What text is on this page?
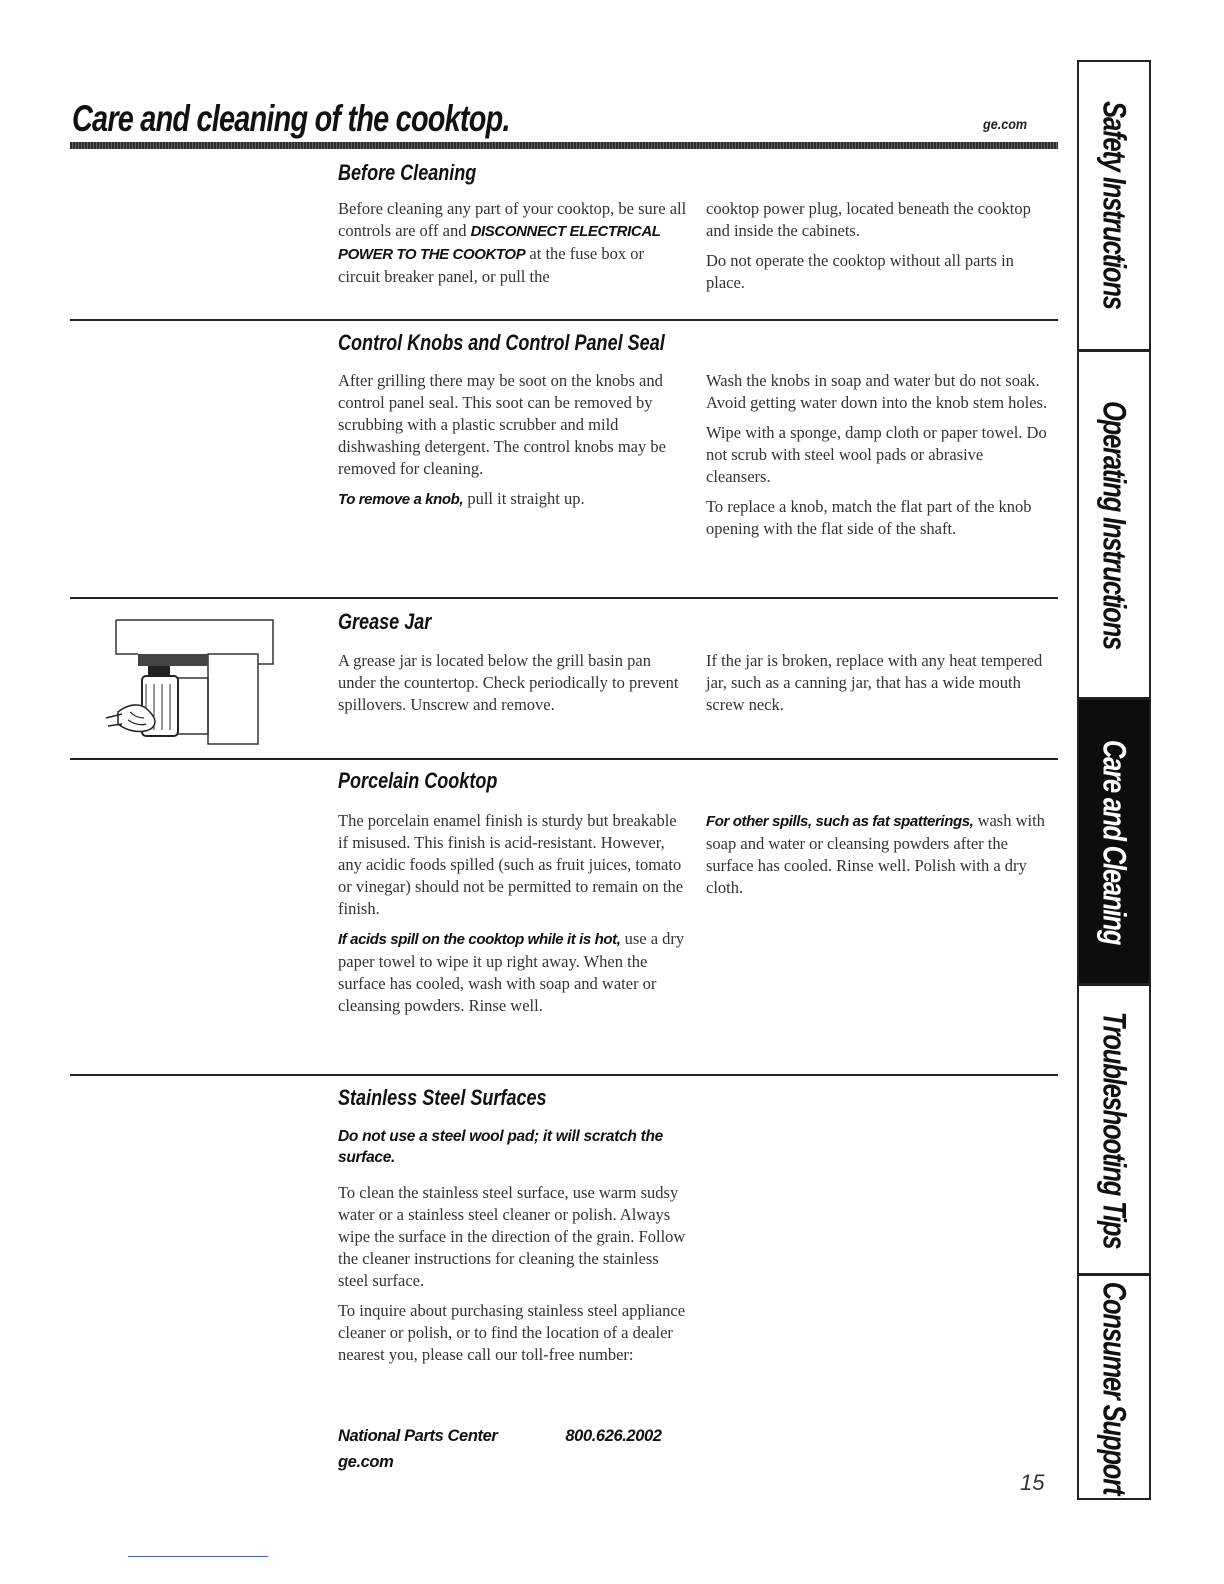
Care and cleaning of the cooktop.	ge.com
Before Cleaning

Before cleaning any part of your cooktop, be sure all controls are off and DISCONNECT ELECTRICAL POWER TO THE COOKTOP at the fuse box or circuit breaker panel, or pull the

cooktop power plug, located beneath the cooktop and inside the cabinets.

Do not operate the cooktop without all parts in place.

Control Knobs and Control Panel Seal

After grilling there may be soot on the knobs and control panel seal. This soot can be removed by scrubbing with a plastic scrubber and mild dishwashing detergent. The control knobs may be removed for cleaning.

To remove a knob, pull it straight up.

Wash the knobs in soap and water but do not soak. Avoid getting water down into the knob stem holes.

Wipe with a sponge, damp cloth or paper towel. Do not scrub with steel wool pads or abrasive cleansers.

To replace a knob, match the flat part of the knob opening with the flat side of the shaft.

Grease Jar

A grease jar is located below the grill basin pan under the countertop. Check periodically to prevent spillovers. Unscrew and remove.

If the jar is broken, replace with any heat tempered jar, such as a canning jar, that has a wide mouth screw neck.

Porcelain Cooktop

The porcelain enamel finish is sturdy but breakable if misused. This finish is acid-resistant. However, any acidic foods spilled (such as fruit juices, tomato or vinegar) should not be permitted to remain on the finish.

If acids spill on the cooktop while it is hot, use a dry paper towel to wipe it up right away. When the surface has cooled, wash with soap and water or cleansing powders. Rinse well.

For other spills, such as fat spatterings, wash with soap and water or cleansing powders after the surface has cooled. Rinse well. Polish with a dry cloth.

Stainless Steel Surfaces

Do not use a steel wool pad; it will scratch the surface.

To clean the stainless steel surface, use warm sudsy water or a stainless steel cleaner or polish. Always wipe the surface in the direction of the grain. Follow the cleaner instructions for cleaning the stainless steel surface.

To inquire about purchasing stainless steel appliance cleaner or polish, or to find the location of a dealer nearest you, please call our toll-free number:

National Parts Center	800.626.2002
ge.com
15
Safety Instructions
Operating Instructions
Care and Cleaning
Troubleshooting Tips
Consumer Support
